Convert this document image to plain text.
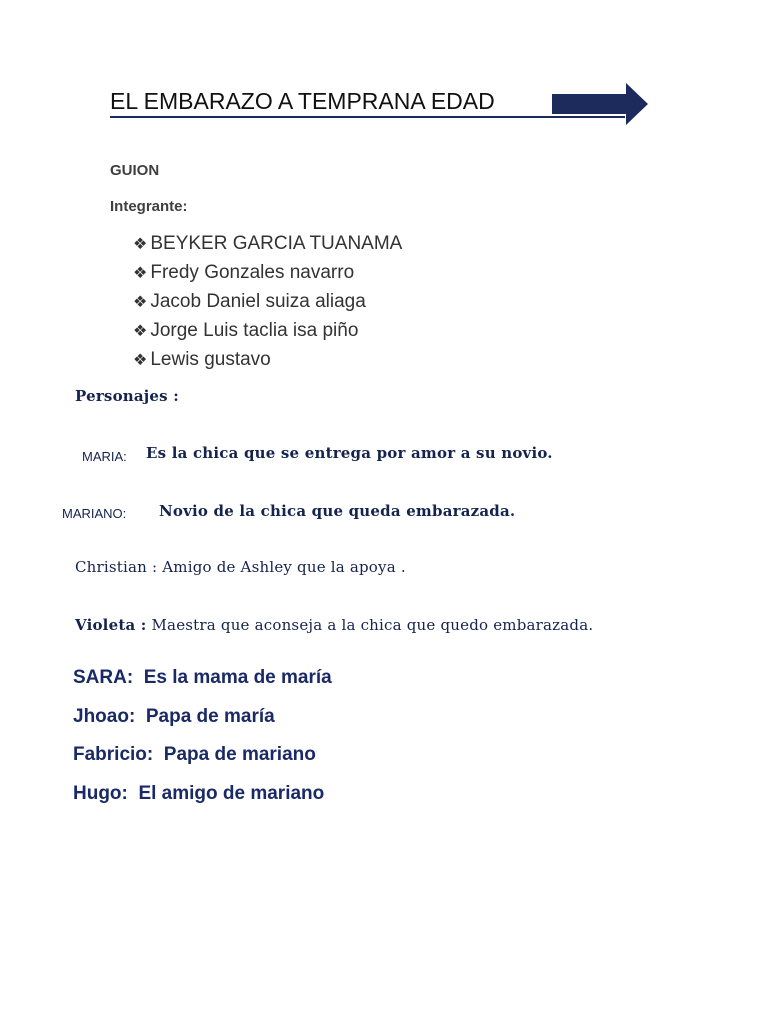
EL EMBARAZO A TEMPRANA EDAD
GUION
Integrante:
❖ BEYKER GARCIA TUANAMA
❖ Fredy Gonzales navarro
❖ Jacob Daniel suiza aliaga
❖ Jorge Luis taclia isa piño
❖ Lewis gustavo
Personajes :
MARIA: Es la chica que se entrega por amor a su novio.
MARIANO: Novio de la chica que queda embarazada.
Christian : Amigo de Ashley que la apoya .
Violeta : Maestra que aconseja a la chica que quedo embarazada.
SARA: Es la mama de maría
Jhoao: Papa de maría
Fabricio: Papa de mariano
Hugo: El amigo de mariano
